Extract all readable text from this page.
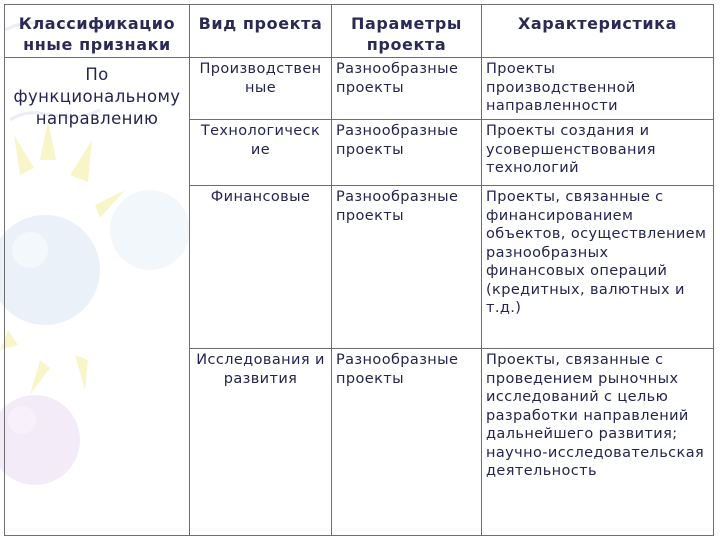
Классификацио нные признаки	Вид проекта	Параметры проекта	Характеристика
По функциональному направлению	Производствен ные	Разнообразные проекты	Проекты производственной направленности
	Технологическ ие	Разнообразные проекты	Проекты создания и усовершенствования технологий
	Финансовые	Разнообразные проекты	Проекты, связанные с финансированием объектов, осуществлением разнообразных финансовых операций (кредитных, валютных и т.д.)
	Исследования и развития	Разнообразные проекты	Проекты, связанные с проведением рыночных исследований с целью разработки направлений дальнейшего развития; научно-исследовательская деятельность
